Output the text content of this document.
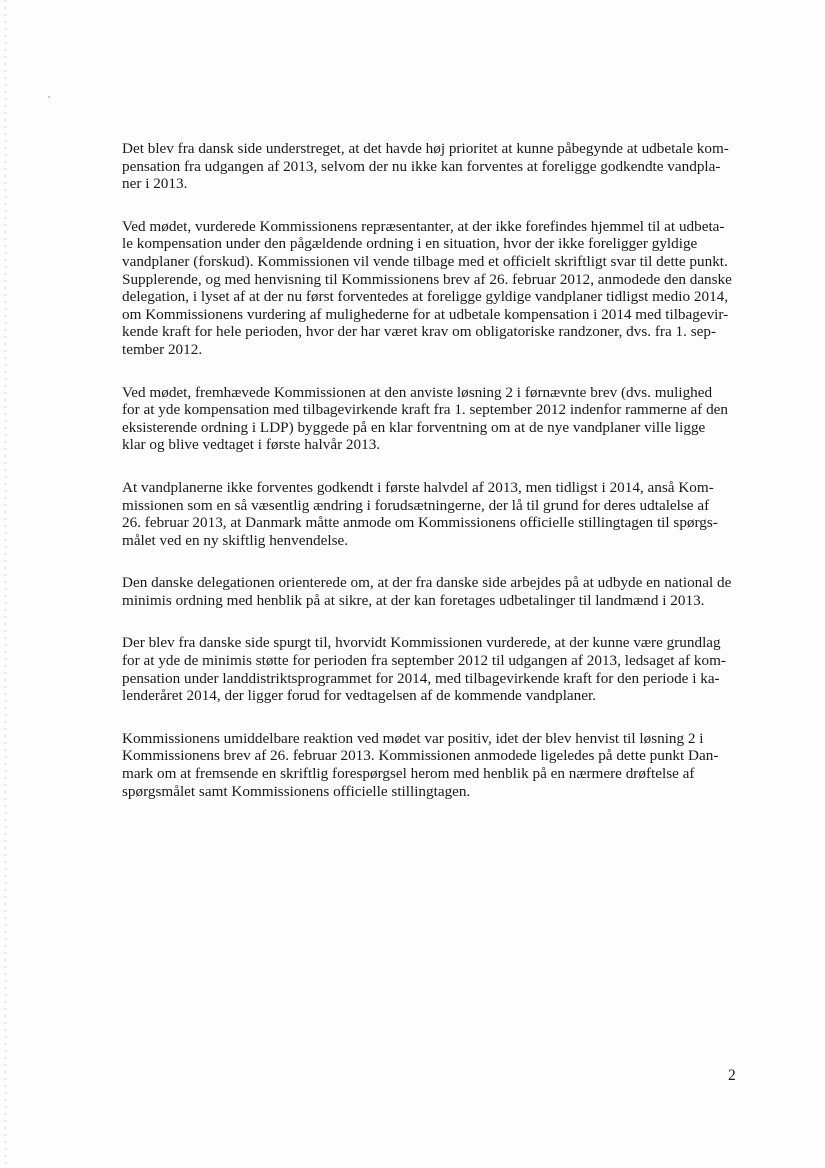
Det blev fra dansk side understreget, at det havde høj prioritet at kunne påbegynde at udbetale kom-
pensation fra udgangen af 2013, selvom der nu ikke kan forventes at foreligge godkendte vandpla-
ner i 2013.

Ved mødet, vurderede Kommissionens repræsentanter, at der ikke forefindes hjemmel til at udbeta-
le kompensation under den pågældende ordning i en situation, hvor der ikke foreligger gyldige
vandplaner (forskud). Kommissionen vil vende tilbage med et officielt skriftligt svar til dette punkt.
Supplerende, og med henvisning til Kommissionens brev af 26. februar 2012, anmodede den danske
delegation, i lyset af at der nu først forventedes at foreligge gyldige vandplaner tidligst medio 2014,
om Kommissionens vurdering af mulighederne for at udbetale kompensation i 2014 med tilbagevir-
kende kraft for hele perioden, hvor der har været krav om obligatoriske randzoner, dvs. fra 1. sep-
tember 2012.

Ved mødet, fremhævede Kommissionen at den anviste løsning 2 i førnævnte brev (dvs. mulighed
for at yde kompensation med tilbagevirkende kraft fra 1. september 2012 indenfor rammerne af den
eksisterende ordning i LDP) byggede på en klar forventning om at de nye vandplaner ville ligge
klar og blive vedtaget i første halvår 2013.

At vandplanerne ikke forventes godkendt i første halvdel af 2013, men tidligst i 2014, anså Kom-
missionen som en så væsentlig ændring i forudsætningerne, der lå til grund for deres udtalelse af
26. februar 2013, at Danmark måtte anmode om Kommissionens officielle stillingtagen til spørgs-
målet ved en ny skiftlig henvendelse.

Den danske delegationen orienterede om, at der fra danske side arbejdes på at udbyde en national de
minimis ordning med henblik på at sikre, at der kan foretages udbetalinger til landmænd i 2013.

Der blev fra danske side spurgt til, hvorvidt Kommissionen vurderede, at der kunne være grundlag
for at yde de minimis støtte for perioden fra september 2012 til udgangen af 2013, ledsaget af kom-
pensation under landdistriktsprogrammet for 2014, med tilbagevirkende kraft for den periode i ka-
lenderåret 2014, der ligger forud for vedtagelsen af de kommende vandplaner.

Kommissionens umiddelbare reaktion ved mødet var positiv, idet der blev henvist til løsning 2 i
Kommissionens brev af 26. februar 2013. Kommissionen anmodede ligeledes på dette punkt Dan-
mark om at fremsende en skriftlig forespørgsel herom med henblik på en nærmere drøftelse af
spørgsmålet samt Kommissionens officielle stillingtagen.

2
